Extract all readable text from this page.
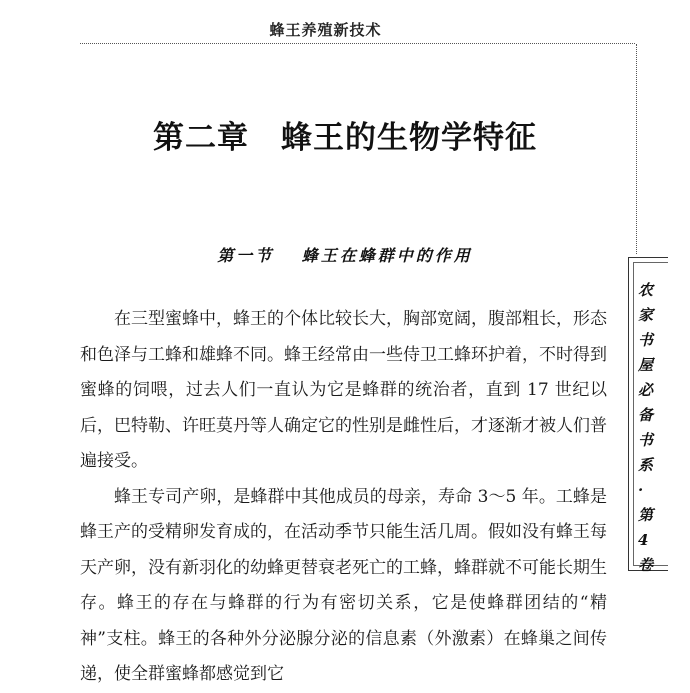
蜂王养殖新技术
第二章　蜂王的生物学特征
第一节　 蜂王在蜂群中的作用

在三型蜜蜂中，蜂王的个体比较长大，胸部宽阔，腹部粗长，形态和色泽与工蜂和雄蜂不同。蜂王经常由一些侍卫工蜂环护着，不时得到蜜蜂的饲喂，过去人们一直认为它是蜂群的统治者，直到 17 世纪以后，巴特勒、许旺莫丹等人确定它的性别是雌性后，才逐渐才被人们普遍接受。

蜂王专司产卵，是蜂群中其他成员的母亲，寿命 3～5 年。工蜂是蜂王产的受精卵发育成的，在活动季节只能生活几周。假如没有蜂王每天产卵，没有新羽化的幼蜂更替衰老死亡的工蜂，蜂群就不可能长期生存。蜂王的存在与蜂群的行为有密切关系，它是使蜂群团结的“精神”支柱。蜂王的各种外分泌腺分泌的信息素（外激素）在蜂巢之间传递，使全群蜜蜂都感觉到它

农
家
书
屋
必
备
书
系
·
第
4
卷
